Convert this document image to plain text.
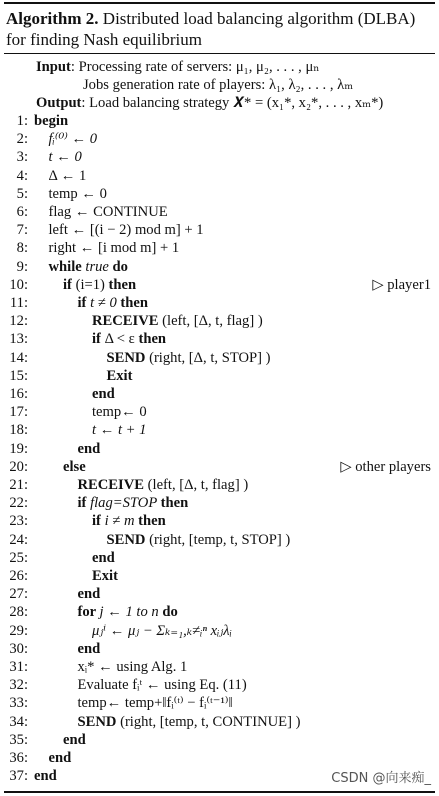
Algorithm 2. Distributed load balancing algorithm (DLBA) for finding Nash equilibrium
Input: Processing rate of servers: μ₁, μ₂, . . . , μₙ
Jobs generation rate of players: λ₁, λ₂, . . . , λₘ
Output: Load balancing strategy 𝑿* = (x₁*, x₂*, . . . , xₘ*)
1: begin
2: fᵢ⁽⁰⁾ ← 0
3: t ← 0
4: Δ ← 1
5: temp ← 0
6: flag ← CONTINUE
7: left ← [(i − 2) mod m] + 1
8: right ← [i mod m] + 1
9: while true do
10: if (i=1) then	▷ player1
11:	if t ≠ 0 then
12:	RECEIVE (left, [Δ, t, flag] )
13:	if Δ < ε then
14:	SEND (right, [Δ, t, STOP] )
15:	Exit
16:	end
17:	temp← 0
18:	t ← t + 1
19:	end
20: else	▷ other players
21:	RECEIVE (left, [Δ, t, flag] )
22:	if flag=STOP then
23:	if i ≠ m then
24:	SEND (right, [temp, t, STOP] )
25:	end
26:	Exit
27:	end
28:	for j ← 1 to n do
29:	μⱼⁱ ← μⱼ − Σₖ₌₁,ₖ≠ᵢⁿ xᵢⱼλᵢ
30:	end
31:	xᵢ* ← using Alg. 1
32:	Evaluate fᵢᵗ ← using Eq. (11)
33:	temp← temp+‖fᵢ⁽ᵗ⁾ − fᵢ⁽ᵗ⁻¹⁾‖
34:	SEND (right, [temp, t, CONTINUE] )
35: end
36: end
37: end	CSDN @向来痴_
